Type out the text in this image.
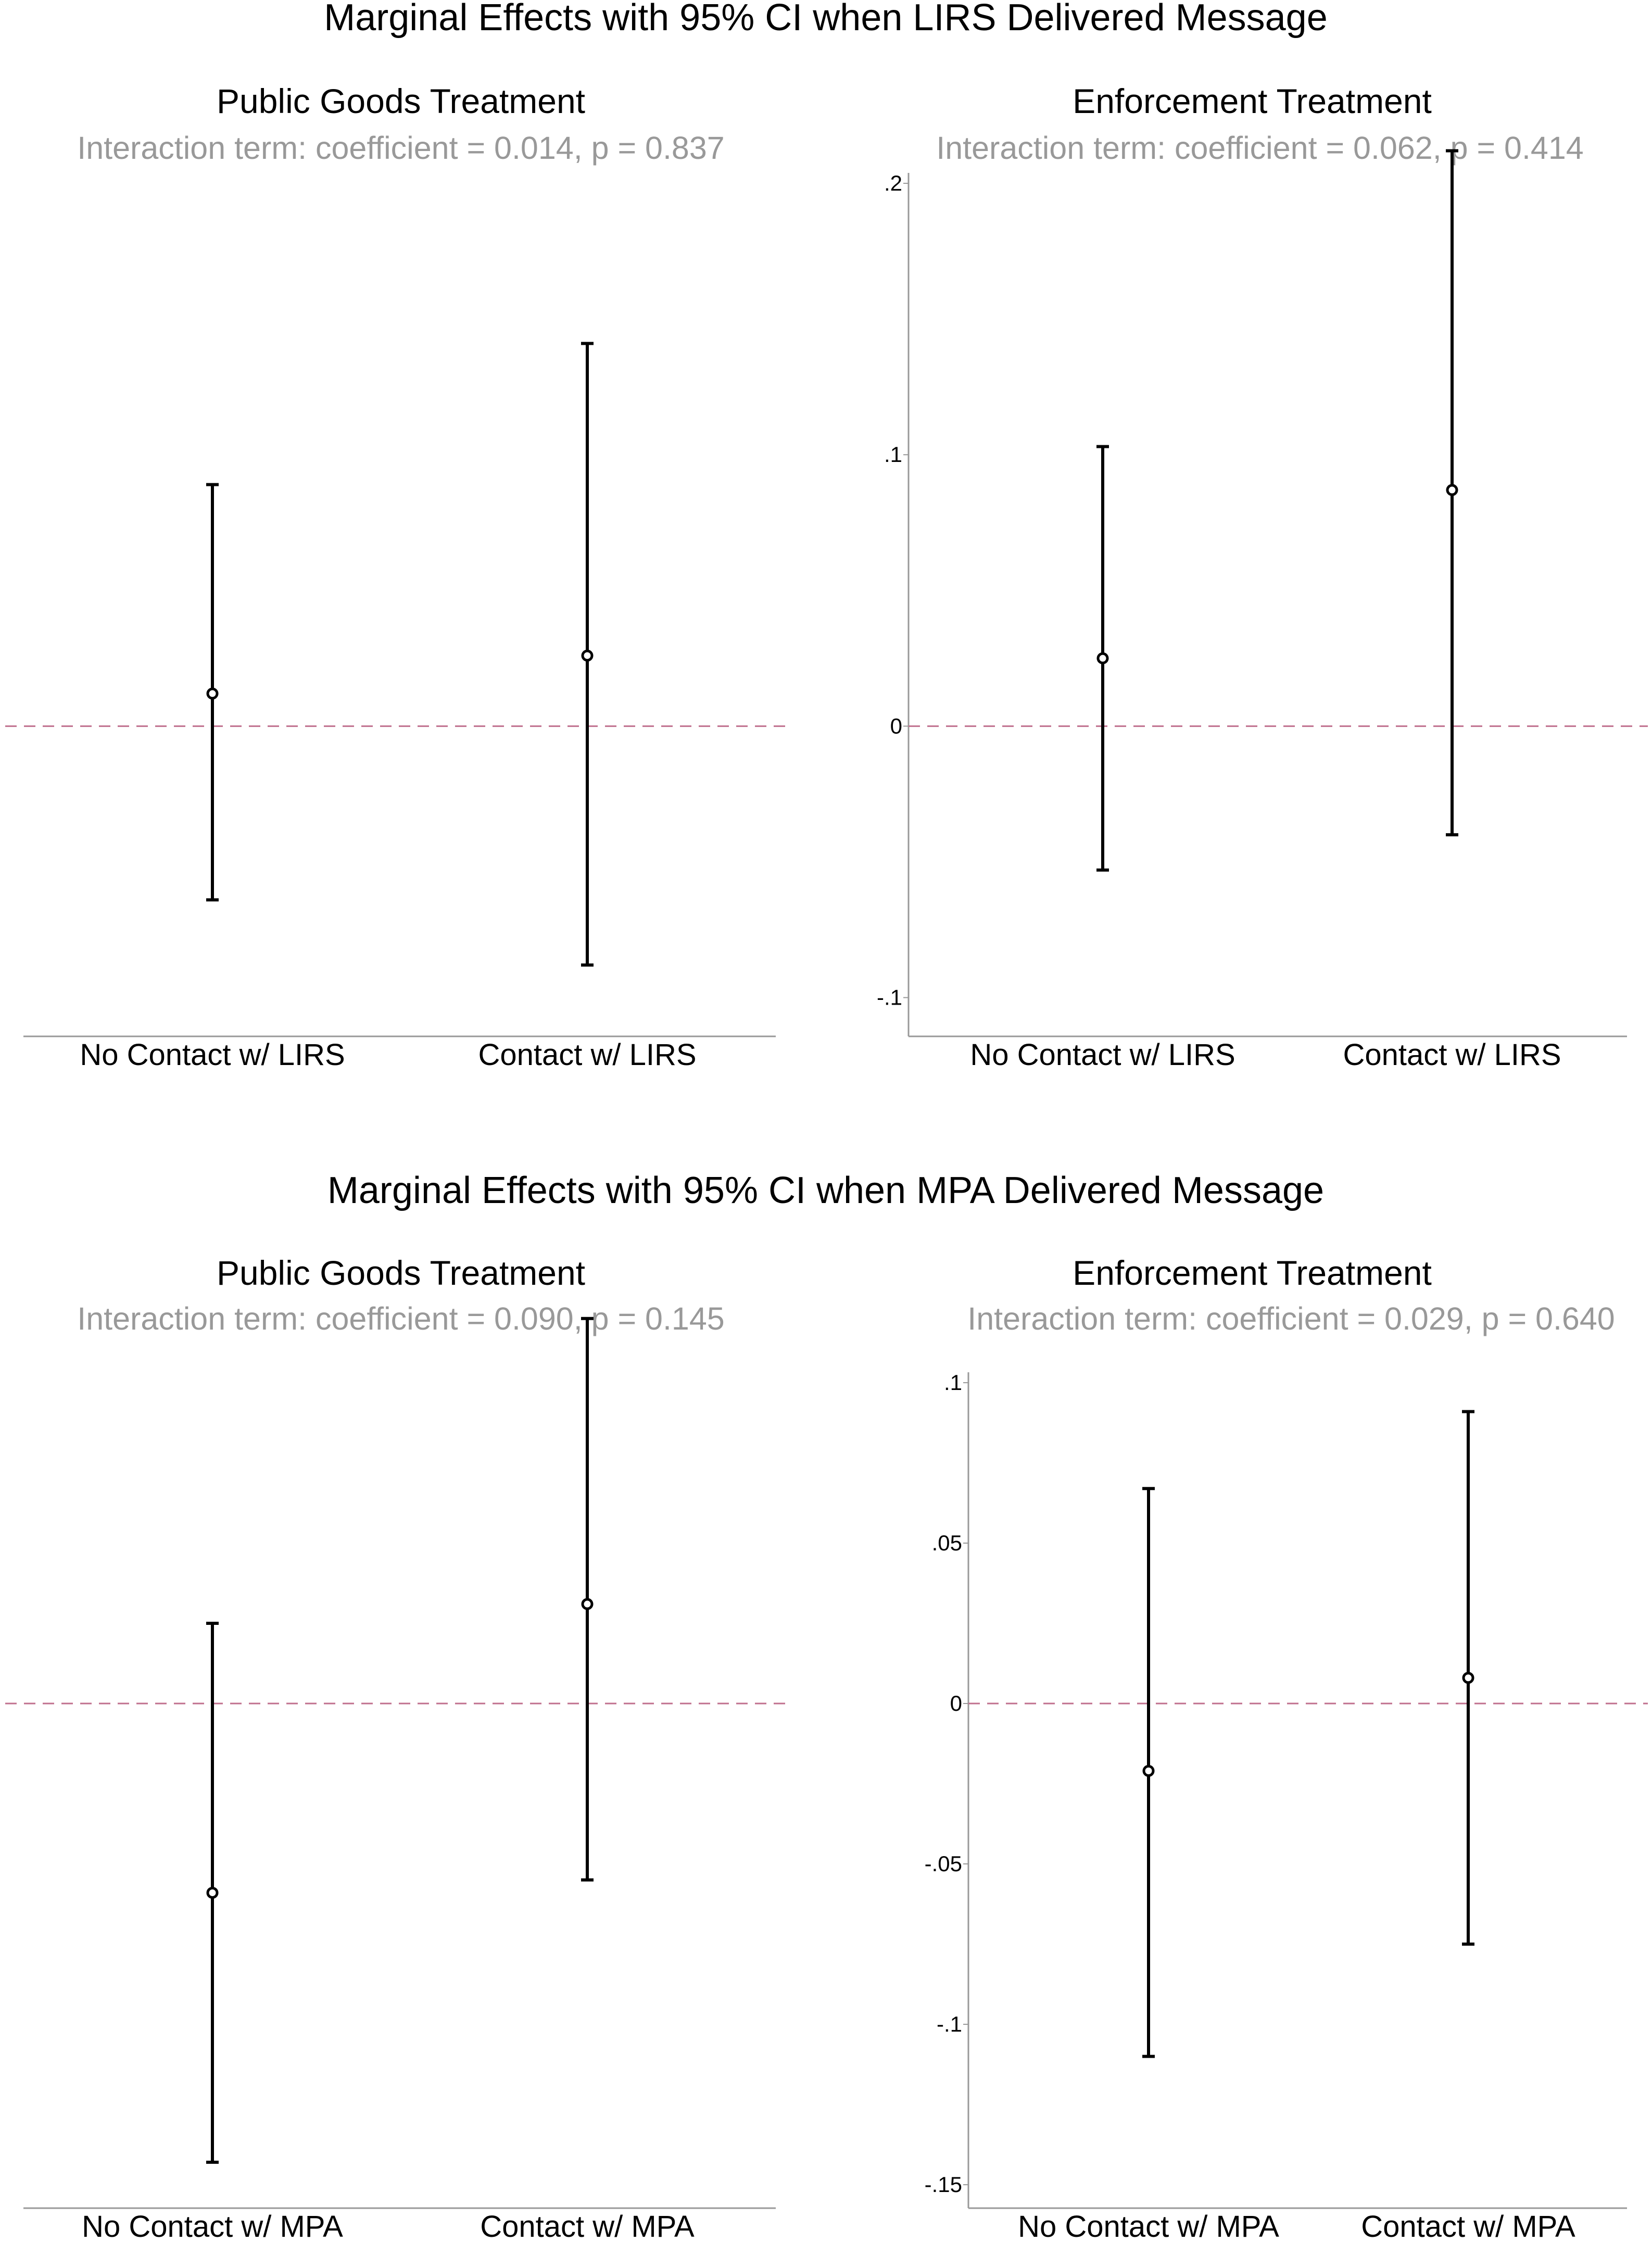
Marginal Effects with 95% CI when LIRS Delivered Message
Marginal Effects with 95% CI when MPA Delivered Message
Public Goods Treatment
Interaction term: coefficient = 0.014, p = 0.837
No Contact w/ LIRS	Contact w/ LIRS
Enforcement Treatment
Interaction term: coefficient = 0.062, p = 0.414
.2
.1
0
-.1
No Contact w/ LIRS	Contact w/ LIRS
Public Goods Treatment
Interaction term: coefficient = 0.090, p = 0.145
No Contact w/ MPA	Contact w/ MPA
Enforcement Treatment
Interaction term: coefficient = 0.029, p = 0.640
.1
.05
0
-.05
-.1
-.15
No Contact w/ MPA	Contact w/ MPA
